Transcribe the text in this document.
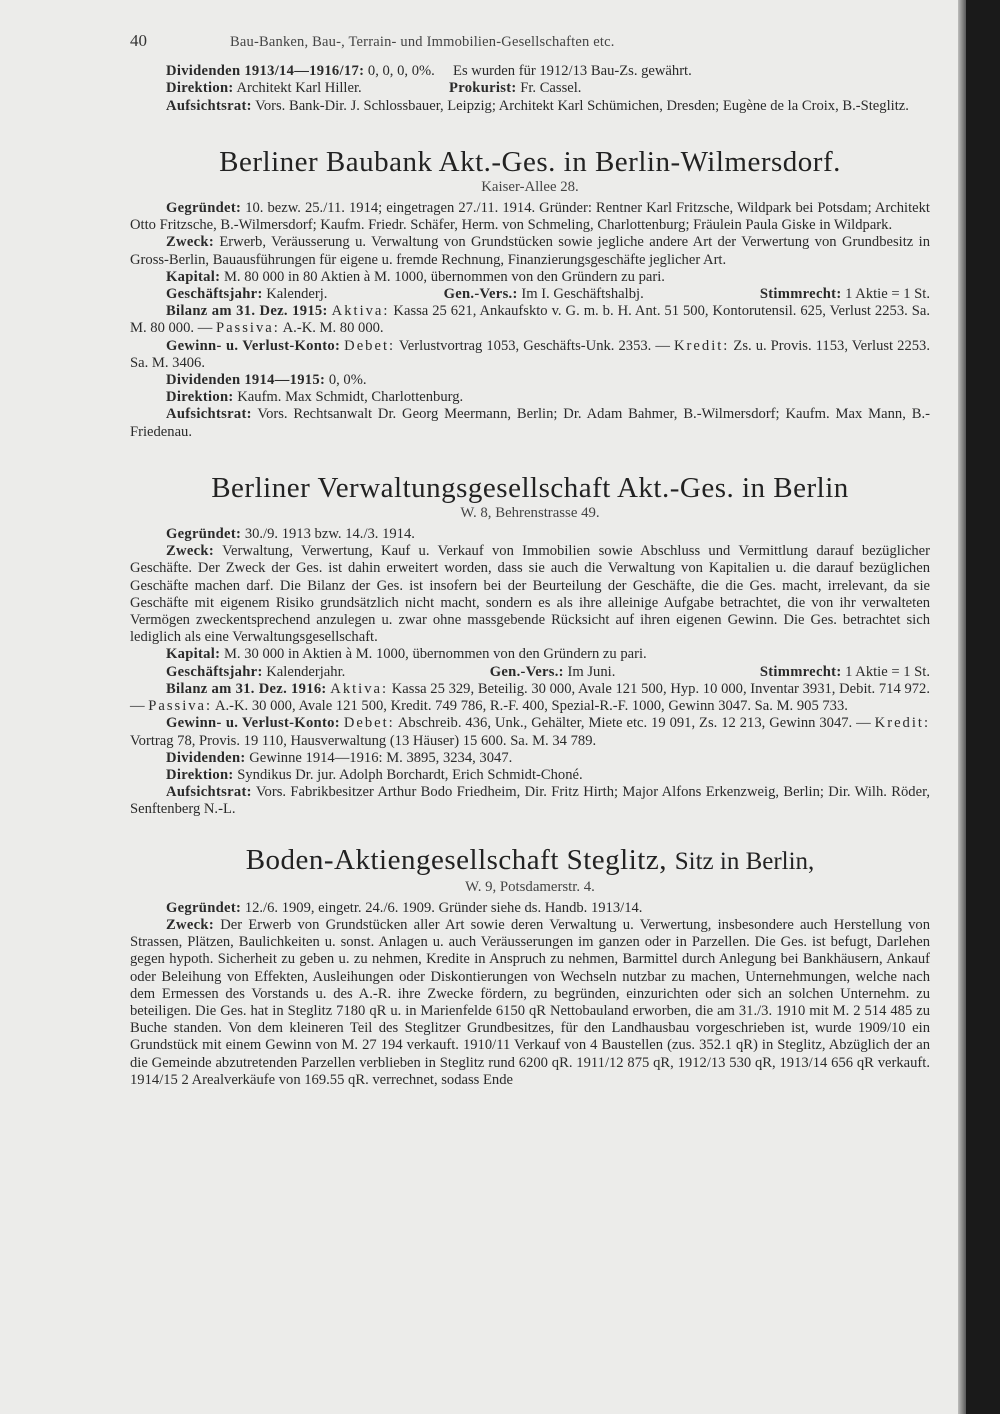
40	Bau-Banken, Bau-, Terrain- und Immobilien-Gesellschaften etc.

Dividenden 1913/14—1916/17: 0, 0, 0, 0%. Es wurden für 1912/13 Bau-Zs. gewährt.

Direktion: Architekt Karl Hiller.	Prokurist: Fr. Cassel.

Aufsichtsrat: Vors. Bank-Dir. J. Schlossbauer, Leipzig; Architekt Karl Schümichen, Dresden; Eugène de la Croix, B.-Steglitz.

Berliner Baubank Akt.-Ges. in Berlin-Wilmersdorf.

Kaiser-Allee 28.

Gegründet: 10. bezw. 25./11. 1914; eingetragen 27./11. 1914. Gründer: Rentner Karl Fritzsche, Wildpark bei Potsdam; Architekt Otto Fritzsche, B.-Wilmersdorf; Kaufm. Friedr. Schäfer, Herm. von Schmeling, Charlottenburg; Fräulein Paula Giske in Wildpark.

Zweck: Erwerb, Veräusserung u. Verwaltung von Grundstücken sowie jegliche andere Art der Verwertung von Grundbesitz in Gross-Berlin, Bauausführungen für eigene u. fremde Rechnung, Finanzierungsgeschäfte jeglicher Art.

Kapital: M. 80 000 in 80 Aktien à M. 1000, übernommen von den Gründern zu pari.

Geschäftsjahr: Kalenderj.	Gen.-Vers.: Im I. Geschäftshalbj.	Stimmrecht: 1 Aktie = 1 St.

Bilanz am 31. Dez. 1915: Aktiva: Kassa 25 621, Ankaufskto v. G. m. b. H. Ant. 51 500, Kontorutensil. 625, Verlust 2253. Sa. M. 80 000. — Passiva: A.-K. M. 80 000.

Gewinn- u. Verlust-Konto: Debet: Verlustvortrag 1053, Geschäfts-Unk. 2353. — Kredit: Zs. u. Provis. 1153, Verlust 2253. Sa. M. 3406.

Dividenden 1914—1915: 0, 0%.

Direktion: Kaufm. Max Schmidt, Charlottenburg.

Aufsichtsrat: Vors. Rechtsanwalt Dr. Georg Meermann, Berlin; Dr. Adam Bahmer, B.-Wilmersdorf; Kaufm. Max Mann, B.-Friedenau.

Berliner Verwaltungsgesellschaft Akt.-Ges. in Berlin

W. 8, Behrenstrasse 49.

Gegründet: 30./9. 1913 bzw. 14./3. 1914.

Zweck: Verwaltung, Verwertung, Kauf u. Verkauf von Immobilien sowie Abschluss und Vermittlung darauf bezüglicher Geschäfte. Der Zweck der Ges. ist dahin erweitert worden, dass sie auch die Verwaltung von Kapitalien u. die darauf bezüglichen Geschäfte machen darf. Die Bilanz der Ges. ist insofern bei der Beurteilung der Geschäfte, die die Ges. macht, irrelevant, da sie Geschäfte mit eigenem Risiko grundsätzlich nicht macht, sondern es als ihre alleinige Aufgabe betrachtet, die von ihr verwalteten Vermögen zweckentsprechend anzulegen u. zwar ohne massgebende Rücksicht auf ihren eigenen Gewinn. Die Ges. betrachtet sich lediglich als eine Verwaltungsgesellschaft.

Kapital: M. 30 000 in Aktien à M. 1000, übernommen von den Gründern zu pari.

Geschäftsjahr: Kalenderjahr.	Gen.-Vers.: Im Juni.	Stimmrecht: 1 Aktie = 1 St.

Bilanz am 31. Dez. 1916: Aktiva: Kassa 25 329, Beteilig. 30 000, Avale 121 500, Hyp. 10 000, Inventar 3931, Debit. 714 972. — Passiva: A.-K. 30 000, Avale 121 500, Kredit. 749 786, R.-F. 400, Spezial-R.-F. 1000, Gewinn 3047. Sa. M. 905 733.

Gewinn- u. Verlust-Konto: Debet: Abschreib. 436, Unk., Gehälter, Miete etc. 19 091, Zs. 12 213, Gewinn 3047. — Kredit: Vortrag 78, Provis. 19 110, Hausverwaltung (13 Häuser) 15 600. Sa. M. 34 789.

Dividenden: Gewinne 1914—1916: M. 3895, 3234, 3047.

Direktion: Syndikus Dr. jur. Adolph Borchardt, Erich Schmidt-Choné.

Aufsichtsrat: Vors. Fabrikbesitzer Arthur Bodo Friedheim, Dir. Fritz Hirth; Major Alfons Erkenzweig, Berlin; Dir. Wilh. Röder, Senftenberg N.-L.

Boden-Aktiengesellschaft Steglitz, Sitz in Berlin,

W. 9, Potsdamerstr. 4.

Gegründet: 12./6. 1909, eingetr. 24./6. 1909. Gründer siehe ds. Handb. 1913/14.

Zweck: Der Erwerb von Grundstücken aller Art sowie deren Verwaltung u. Verwertung, insbesondere auch Herstellung von Strassen, Plätzen, Baulichkeiten u. sonst. Anlagen u. auch Veräusserungen im ganzen oder in Parzellen. Die Ges. ist befugt, Darlehen gegen hypoth. Sicherheit zu geben u. zu nehmen, Kredite in Anspruch zu nehmen, Barmittel durch Anlegung bei Bankhäusern, Ankauf oder Beleihung von Effekten, Ausleihungen oder Diskontierungen von Wechseln nutzbar zu machen, Unternehmungen, welche nach dem Ermessen des Vorstands u. des A.-R. ihre Zwecke fördern, zu begründen, einzurichten oder sich an solchen Unternehm. zu beteiligen. Die Ges. hat in Steglitz 7180 qR u. in Marienfelde 6150 qR Nettobauland erworben, die am 31./3. 1910 mit M. 2 514 485 zu Buche standen. Von dem kleineren Teil des Steglitzer Grundbesitzes, für den Landhausbau vorgeschrieben ist, wurde 1909/10 ein Grundstück mit einem Gewinn von M. 27 194 verkauft. 1910/11 Verkauf von 4 Baustellen (zus. 352.1 qR) in Steglitz, Abzüglich der an die Gemeinde abzutretenden Parzellen verblieben in Steglitz rund 6200 qR. 1911/12 875 qR, 1912/13 530 qR, 1913/14 656 qR verkauft. 1914/15 2 Arealverkäufe von 169.55 qR. verrechnet, sodass Ende
